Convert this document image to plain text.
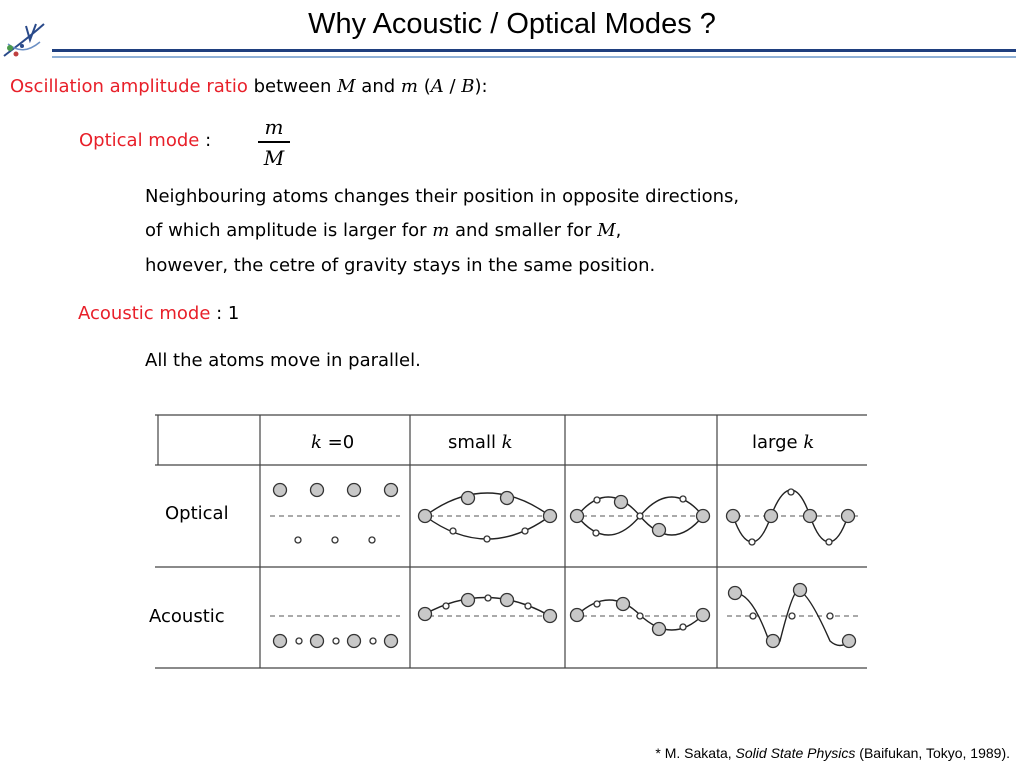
Why Acoustic / Optical Modes ?
Oscillation amplitude ratio between M and m (A / B):
Optical mode :
m
M
Neighbouring atoms changes their position in opposite directions,
of which amplitude is larger for m and smaller for M,
however, the cetre of gravity stays in the same position.
Acoustic mode : 1
All the atoms move in parallel.
k =0	small k	large k
Optical
Acoustic
* M. Sakata, Solid State Physics (Baifukan, Tokyo, 1989).
